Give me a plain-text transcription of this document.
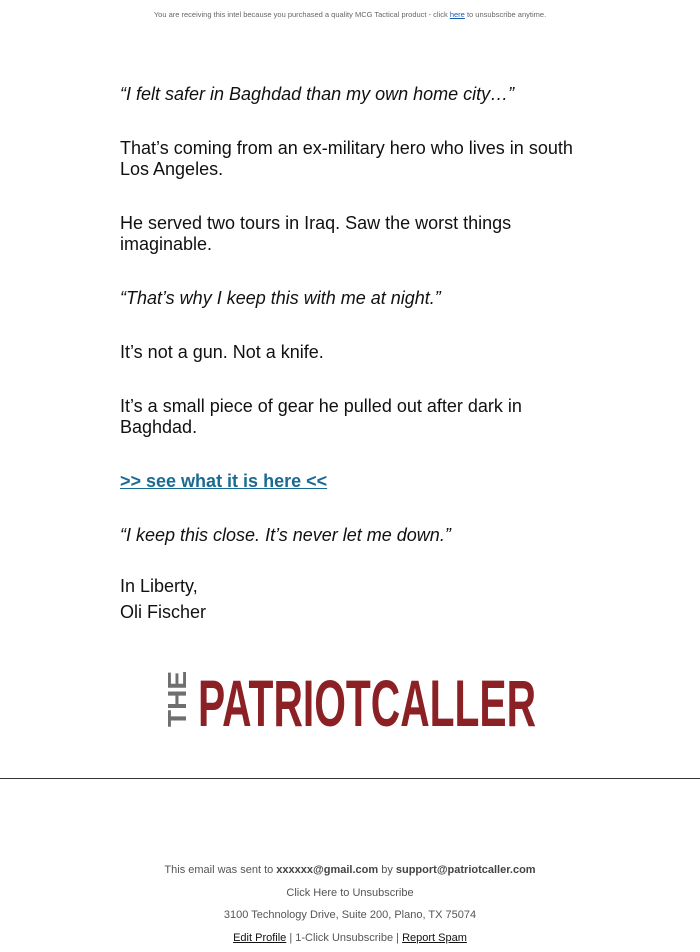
You are receiving this intel because you purchased a quality MCG Tactical product - click here to unsubscribe anytime.

“I felt safer in Baghdad than my own home city…”

That’s coming from an ex-military hero who lives in south Los Angeles.

He served two tours in Iraq. Saw the worst things imaginable.

“That’s why I keep this with me at night.”

It’s not a gun. Not a knife.

It’s a small piece of gear he pulled out after dark in Baghdad.

>> see what it is here <<

“I keep this close. It’s never let me down.”

In Liberty,
Oli Fischer
THE PATRIOTCALLER
This email was sent to xxxxxx@gmail.com by support@patriotcaller.com
Click Here to Unsubscribe
3100 Technology Drive, Suite 200, Plano, TX 75074
Edit Profile | 1-Click Unsubscribe | Report Spam
